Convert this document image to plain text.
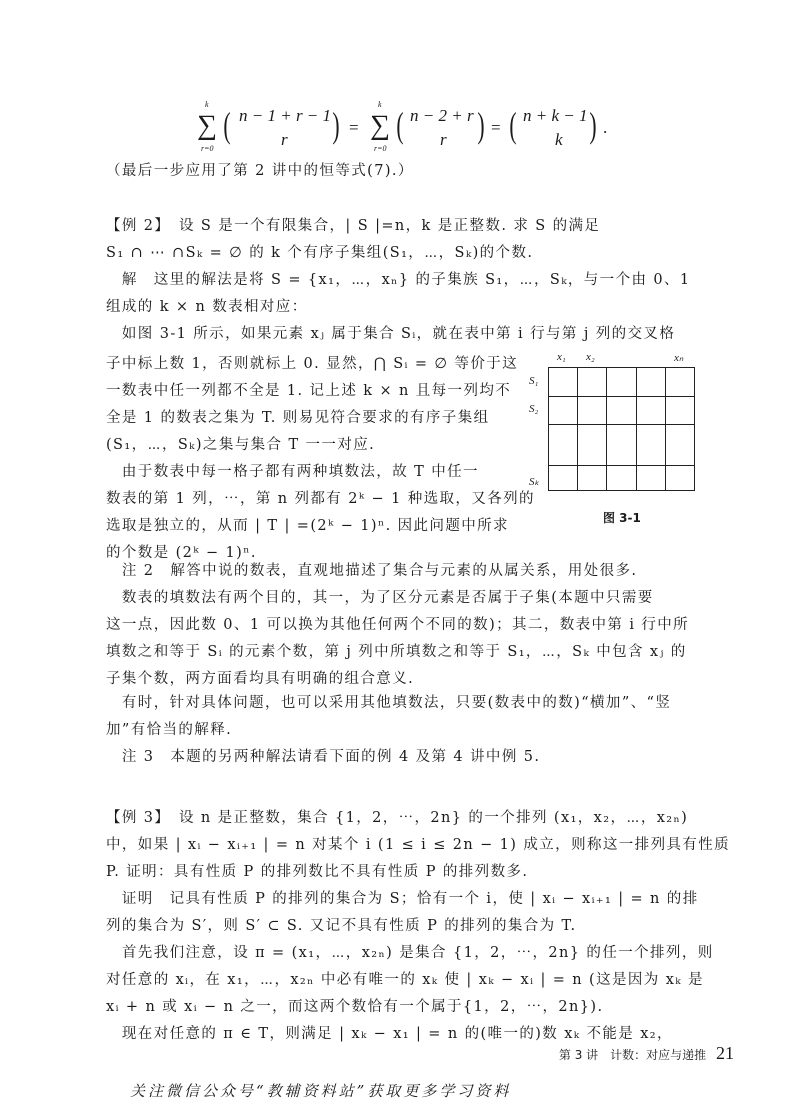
k
∑
r=0
( n − 1 + r − 1
r ) =
k
∑
r=0
( n − 2 + r
r ) = ( n + k − 1
k ) .
（最后一步应用了第 2 讲中的恒等式(7).）
【例 2】　设 S 是一个有限集合，| S |=n，k 是正整数. 求 S 的满足
S₁ ∩ ⋯ ∩Sₖ = ∅ 的 k 个有序子集组(S₁，⋯，Sₖ)的个数.
　解　这里的解法是将 S = {x₁，⋯，xₙ} 的子集族 S₁，⋯，Sₖ，与一个由 0、1
组成的 k × n 数表相对应：
　如图 3-1 所示，如果元素 xⱼ 属于集合 Sᵢ，就在表中第 i 行与第 j 列的交叉格
子中标上数 1，否则就标上 0. 显然，⋂ Sᵢ = ∅ 等价于这
一数表中任一列都不全是 1. 记上述 k × n 且每一列均不
全是 1 的数表之集为 T. 则易见符合要求的有序子集组
(S₁，⋯，Sₖ)之集与集合 T 一一对应.
　由于数表中每一格子都有两种填数法，故 T 中任一
数表的第 1 列，⋯，第 n 列都有 2ᵏ − 1 种选取，又各列的
选取是独立的，从而 | T | =(2ᵏ − 1)ⁿ. 因此问题中所求
的个数是 (2ᵏ − 1)ⁿ.
　注 2　解答中说的数表，直观地描述了集合与元素的从属关系，用处很多.
　数表的填数法有两个目的，其一，为了区分元素是否属于子集(本题中只需要
这一点，因此数 0、1 可以换为其他任何两个不同的数)；其二，数表中第 i 行中所
填数之和等于 Sᵢ 的元素个数，第 j 列中所填数之和等于 S₁，⋯，Sₖ 中包含 xⱼ 的
子集个数，两方面看均具有明确的组合意义.
　有时，针对具体问题，也可以采用其他填数法，只要(数表中的数)“横加”、“竖
加”有恰当的解释.
　注 3　本题的另两种解法请看下面的例 4 及第 4 讲中例 5.
【例 3】　设 n 是正整数，集合 {1，2，⋯，2n} 的一个排列 (x₁，x₂，⋯，x₂ₙ)
中，如果 | xᵢ − xᵢ₊₁ | = n 对某个 i (1 ≤ i ≤ 2n − 1) 成立，则称这一排列具有性质
P. 证明：具有性质 P 的排列数比不具有性质 P 的排列数多.
　证明　记具有性质 P 的排列的集合为 S；恰有一个 i，使 | xᵢ − xᵢ₊₁ | = n 的排
列的集合为 S′，则 S′ ⊂ S. 又记不具有性质 P 的排列的集合为 T.
　首先我们注意，设 π = (x₁，⋯，x₂ₙ) 是集合 {1，2，⋯，2n} 的任一个排列，则
对任意的 xᵢ，在 x₁，⋯，x₂ₙ 中必有唯一的 xₖ 使 | xₖ − xᵢ | = n (这是因为 xₖ 是
xᵢ + n 或 xᵢ − n 之一，而这两个数恰有一个属于{1，2，⋯，2n}).
　现在对任意的 π ∈ T，则满足 | xₖ − x₁ | = n 的(唯一的)数 xₖ 不能是 x₂，
x₁ x₂	xₙ
S₁
S₂
Sₖ
图 3-1
第 3 讲　计数：对应与递推 21
关注微信公众号“教辅资料站”获取更多学习资料
